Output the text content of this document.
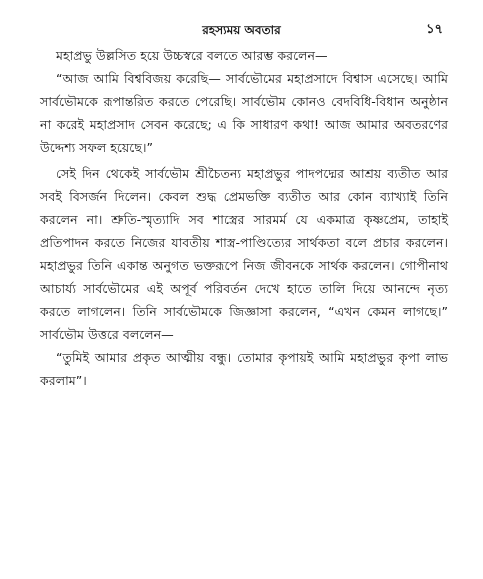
রহস্যময় অবতার	১৭

মহাপ্রভু উল্লসিত হয়ে উচ্চস্বরে বলতে আরম্ভ করলেন—

“আজ আমি বিশ্ববিজয় করেছি— সার্বভৌমের মহাপ্রসাদে বিশ্বাস এসেছে। আমি সার্বভৌমকে রূপান্তরিত করতে পেরেছি। সার্বভৌম কোনও বেদবিধি-বিধান অনুষ্ঠান না করেই মহাপ্রসাদ সেবন করেছে; এ কি সাধারণ কথা! আজ আমার অবতরণের উদ্দেশ্য সফল হয়েছে।”

সেই দিন থেকেই সার্বভৌম শ্রীচৈতন্য মহাপ্রভুর পাদপদ্মের আশ্রয় ব্যতীত আর সবই বিসর্জন দিলেন। কেবল শুদ্ধ প্রেমভক্তি ব্যতীত আর কোন ব্যাখ্যাই তিনি করলেন না। শ্রুতি-স্মৃত্যাদি সব শাস্ত্রের সারমর্ম যে একমাত্র কৃষ্ণপ্রেম, তাহাই প্রতিপাদন করতে নিজের যাবতীয় শাস্ত্র-পাণ্ডিত্যের সার্থকতা বলে প্রচার করলেন। মহাপ্রভুর তিনি একান্ত অনুগত ভক্তরূপে নিজ জীবনকে সার্থক করলেন। গোপীনাথ আচার্য্য সার্বভৌমের এই অপূর্ব পরিবর্তন দেখে হাতে তালি দিয়ে আনন্দে নৃত্য করতে লাগলেন। তিনি সার্বভৌমকে জিজ্ঞাসা করলেন, “এখন কেমন লাগছে।” সার্বভৌম উত্তরে বললেন—

“তুমিই আমার প্রকৃত আত্মীয় বন্ধু। তোমার কৃপায়ই আমি মহাপ্রভুর কৃপা লাভ করলাম”।
